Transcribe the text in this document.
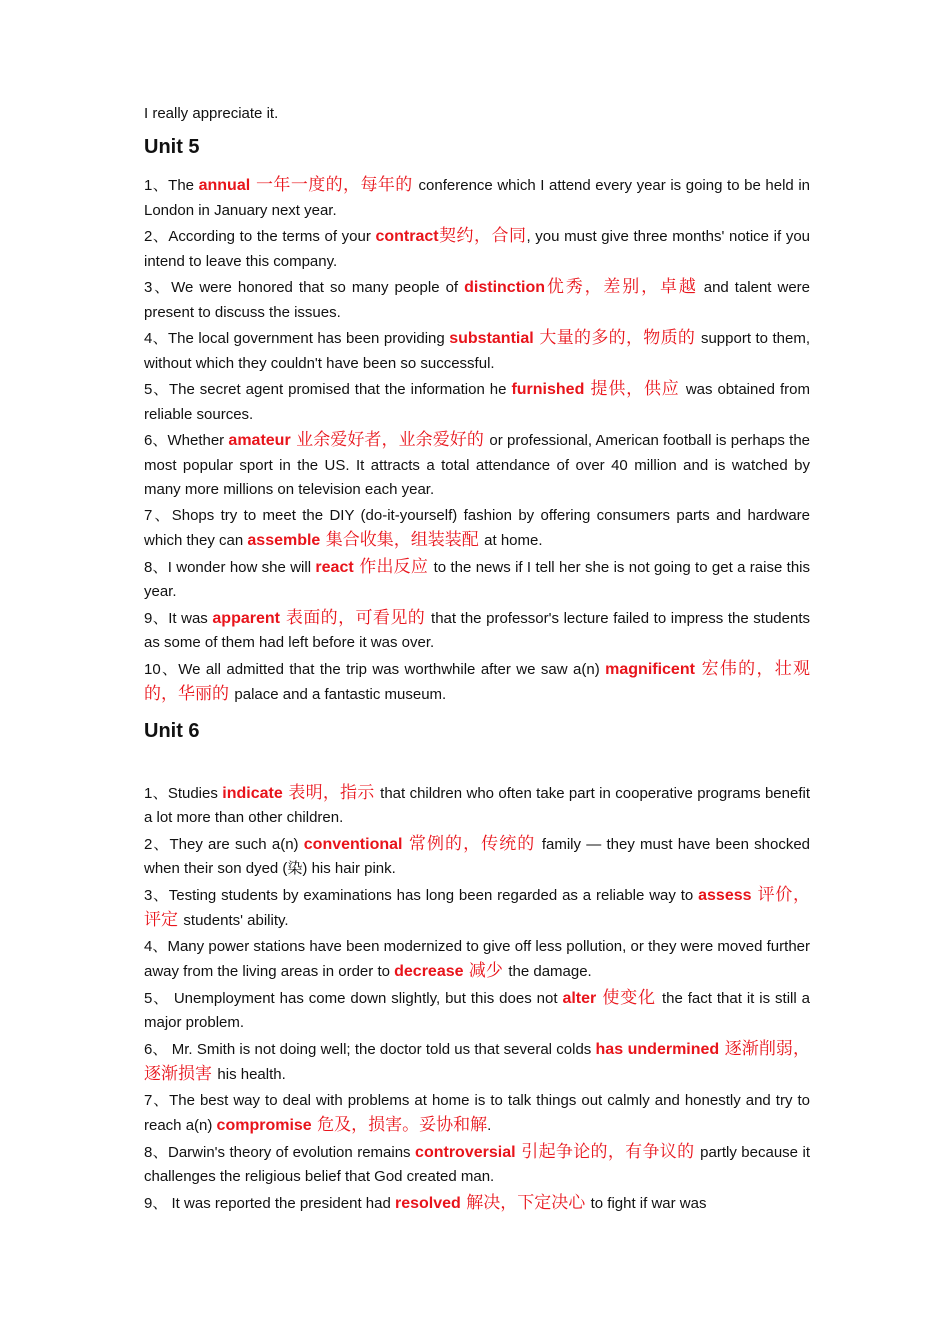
I really appreciate it.

Unit 5

1、The annual 一年一度的，每年的 conference which I attend every year is going to be held in London in January next year.

2、According to the terms of your contract契约，合同, you must give three months' notice if you intend to leave this company.

3、We were honored that so many people of distinction优秀，差别，卓越 and talent were present to discuss the issues.

4、The local government has been providing substantial 大量的多的，物质的 support to them, without which they couldn't have been so successful.

5、The secret agent promised that the information he furnished 提供，供应 was obtained from reliable sources.

6、Whether amateur 业余爱好者，业余爱好的 or professional, American football is perhaps the most popular sport in the US. It attracts a total attendance of over 40 million and is watched by many more millions on television each year.

7、Shops try to meet the DIY (do-it-yourself) fashion by offering consumers parts and hardware which they can assemble 集合收集，组装装配 at home.

8、I wonder how she will react 作出反应 to the news if I tell her she is not going to get a raise this year.

9、It was apparent 表面的，可看见的 that the professor's lecture failed to impress the students as some of them had left before it was over.

10、We all admitted that the trip was worthwhile after we saw a(n) magnificent 宏伟的，壮观的，华丽的 palace and a fantastic museum.

Unit 6

1、Studies indicate 表明，指示 that children who often take part in cooperative programs benefit a lot more than other children.

2、They are such a(n) conventional 常例的，传统的 family — they must have been shocked when their son dyed (染) his hair pink.

3、Testing students by examinations has long been regarded as a reliable way to assess 评价，评定 students' ability.

4、Many power stations have been modernized to give off less pollution, or they were moved further away from the living areas in order to decrease 减少 the damage.

5、 Unemployment has come down slightly, but this does not alter 使变化 the fact that it is still a major problem.

6、 Mr. Smith is not doing well; the doctor told us that several colds has undermined 逐渐削弱，逐渐损害 his health.

7、The best way to deal with problems at home is to talk things out calmly and honestly and try to reach a(n) compromise 危及，损害。妥协和解.

8、Darwin's theory of evolution remains controversial 引起争论的，有争议的 partly because it challenges the religious belief that God created man.

9、 It was reported the president had resolved 解决，下定决心 to fight if war was
